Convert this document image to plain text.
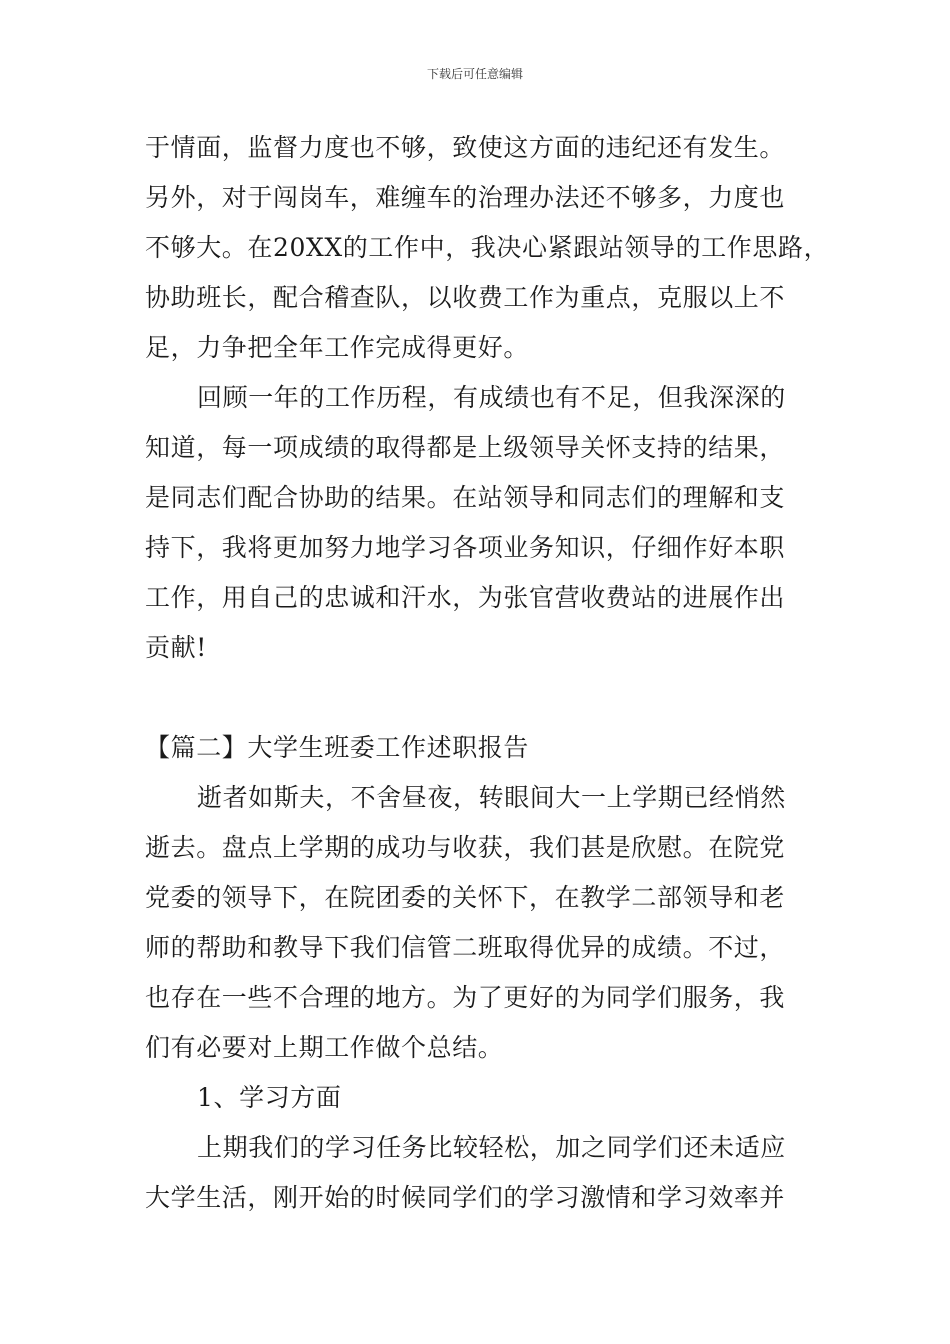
下载后可任意编辑
于情面，监督力度也不够，致使这方面的违纪还有发生。
另外，对于闯岗车，难缠车的治理办法还不够多，力度也
不够大。在20XX的工作中，我决心紧跟站领导的工作思路，
协助班长，配合稽查队，以收费工作为重点，克服以上不
足，力争把全年工作完成得更好。
回顾一年的工作历程，有成绩也有不足，但我深深的
知道，每一项成绩的取得都是上级领导关怀支持的结果，
是同志们配合协助的结果。在站领导和同志们的理解和支
持下，我将更加努力地学习各项业务知识，仔细作好本职
工作，用自己的忠诚和汗水，为张官营收费站的进展作出
贡献!
【篇二】大学生班委工作述职报告
逝者如斯夫，不舍昼夜，转眼间大一上学期已经悄然
逝去。盘点上学期的成功与收获，我们甚是欣慰。在院党
党委的领导下，在院团委的关怀下，在教学二部领导和老
师的帮助和教导下我们信管二班取得优异的成绩。不过，
也存在一些不合理的地方。为了更好的为同学们服务，我
们有必要对上期工作做个总结。
1、学习方面
上期我们的学习任务比较轻松，加之同学们还未适应
大学生活，刚开始的时候同学们的学习激情和学习效率并
